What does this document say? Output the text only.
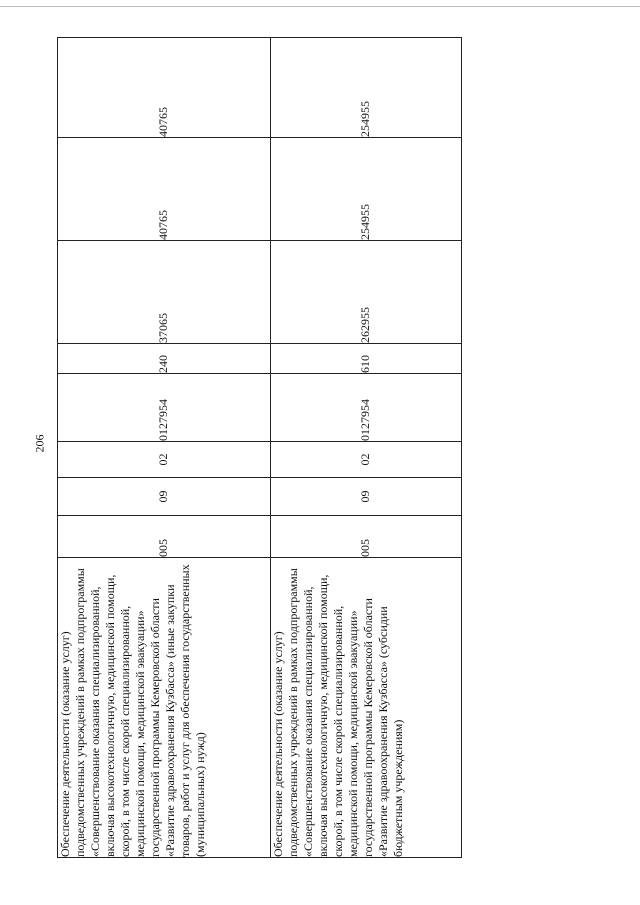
206
Обеспечение деятельности (оказание услуг) подведомственных учреждений в рамках подпрограммы «Совершенствование оказания специализированной, включая высокотехнологичную, медицинской помощи, скорой, в том числе скорой специализированной, медицинской помощи, медицинской эвакуации» государственной программы Кемеровской области «Развитие здравоохранения Кузбасса» (иные закупки товаров, работ и услуг для обеспечения государственных (муниципальных) нужд)	005	09	02	0127954	240	37065	40765	40765
Обеспечение деятельности (оказание услуг) подведомственных учреждений в рамках подпрограммы «Совершенствование оказания специализированной, включая высокотехнологичную, медицинской помощи, скорой, в том числе скорой специализированной, медицинской помощи, медицинской эвакуации» государственной программы Кемеровской области «Развитие здравоохранения Кузбасса» (субсидии бюджетным учреждениям)	005	09	02	0127954	610	262955	254955	254955
